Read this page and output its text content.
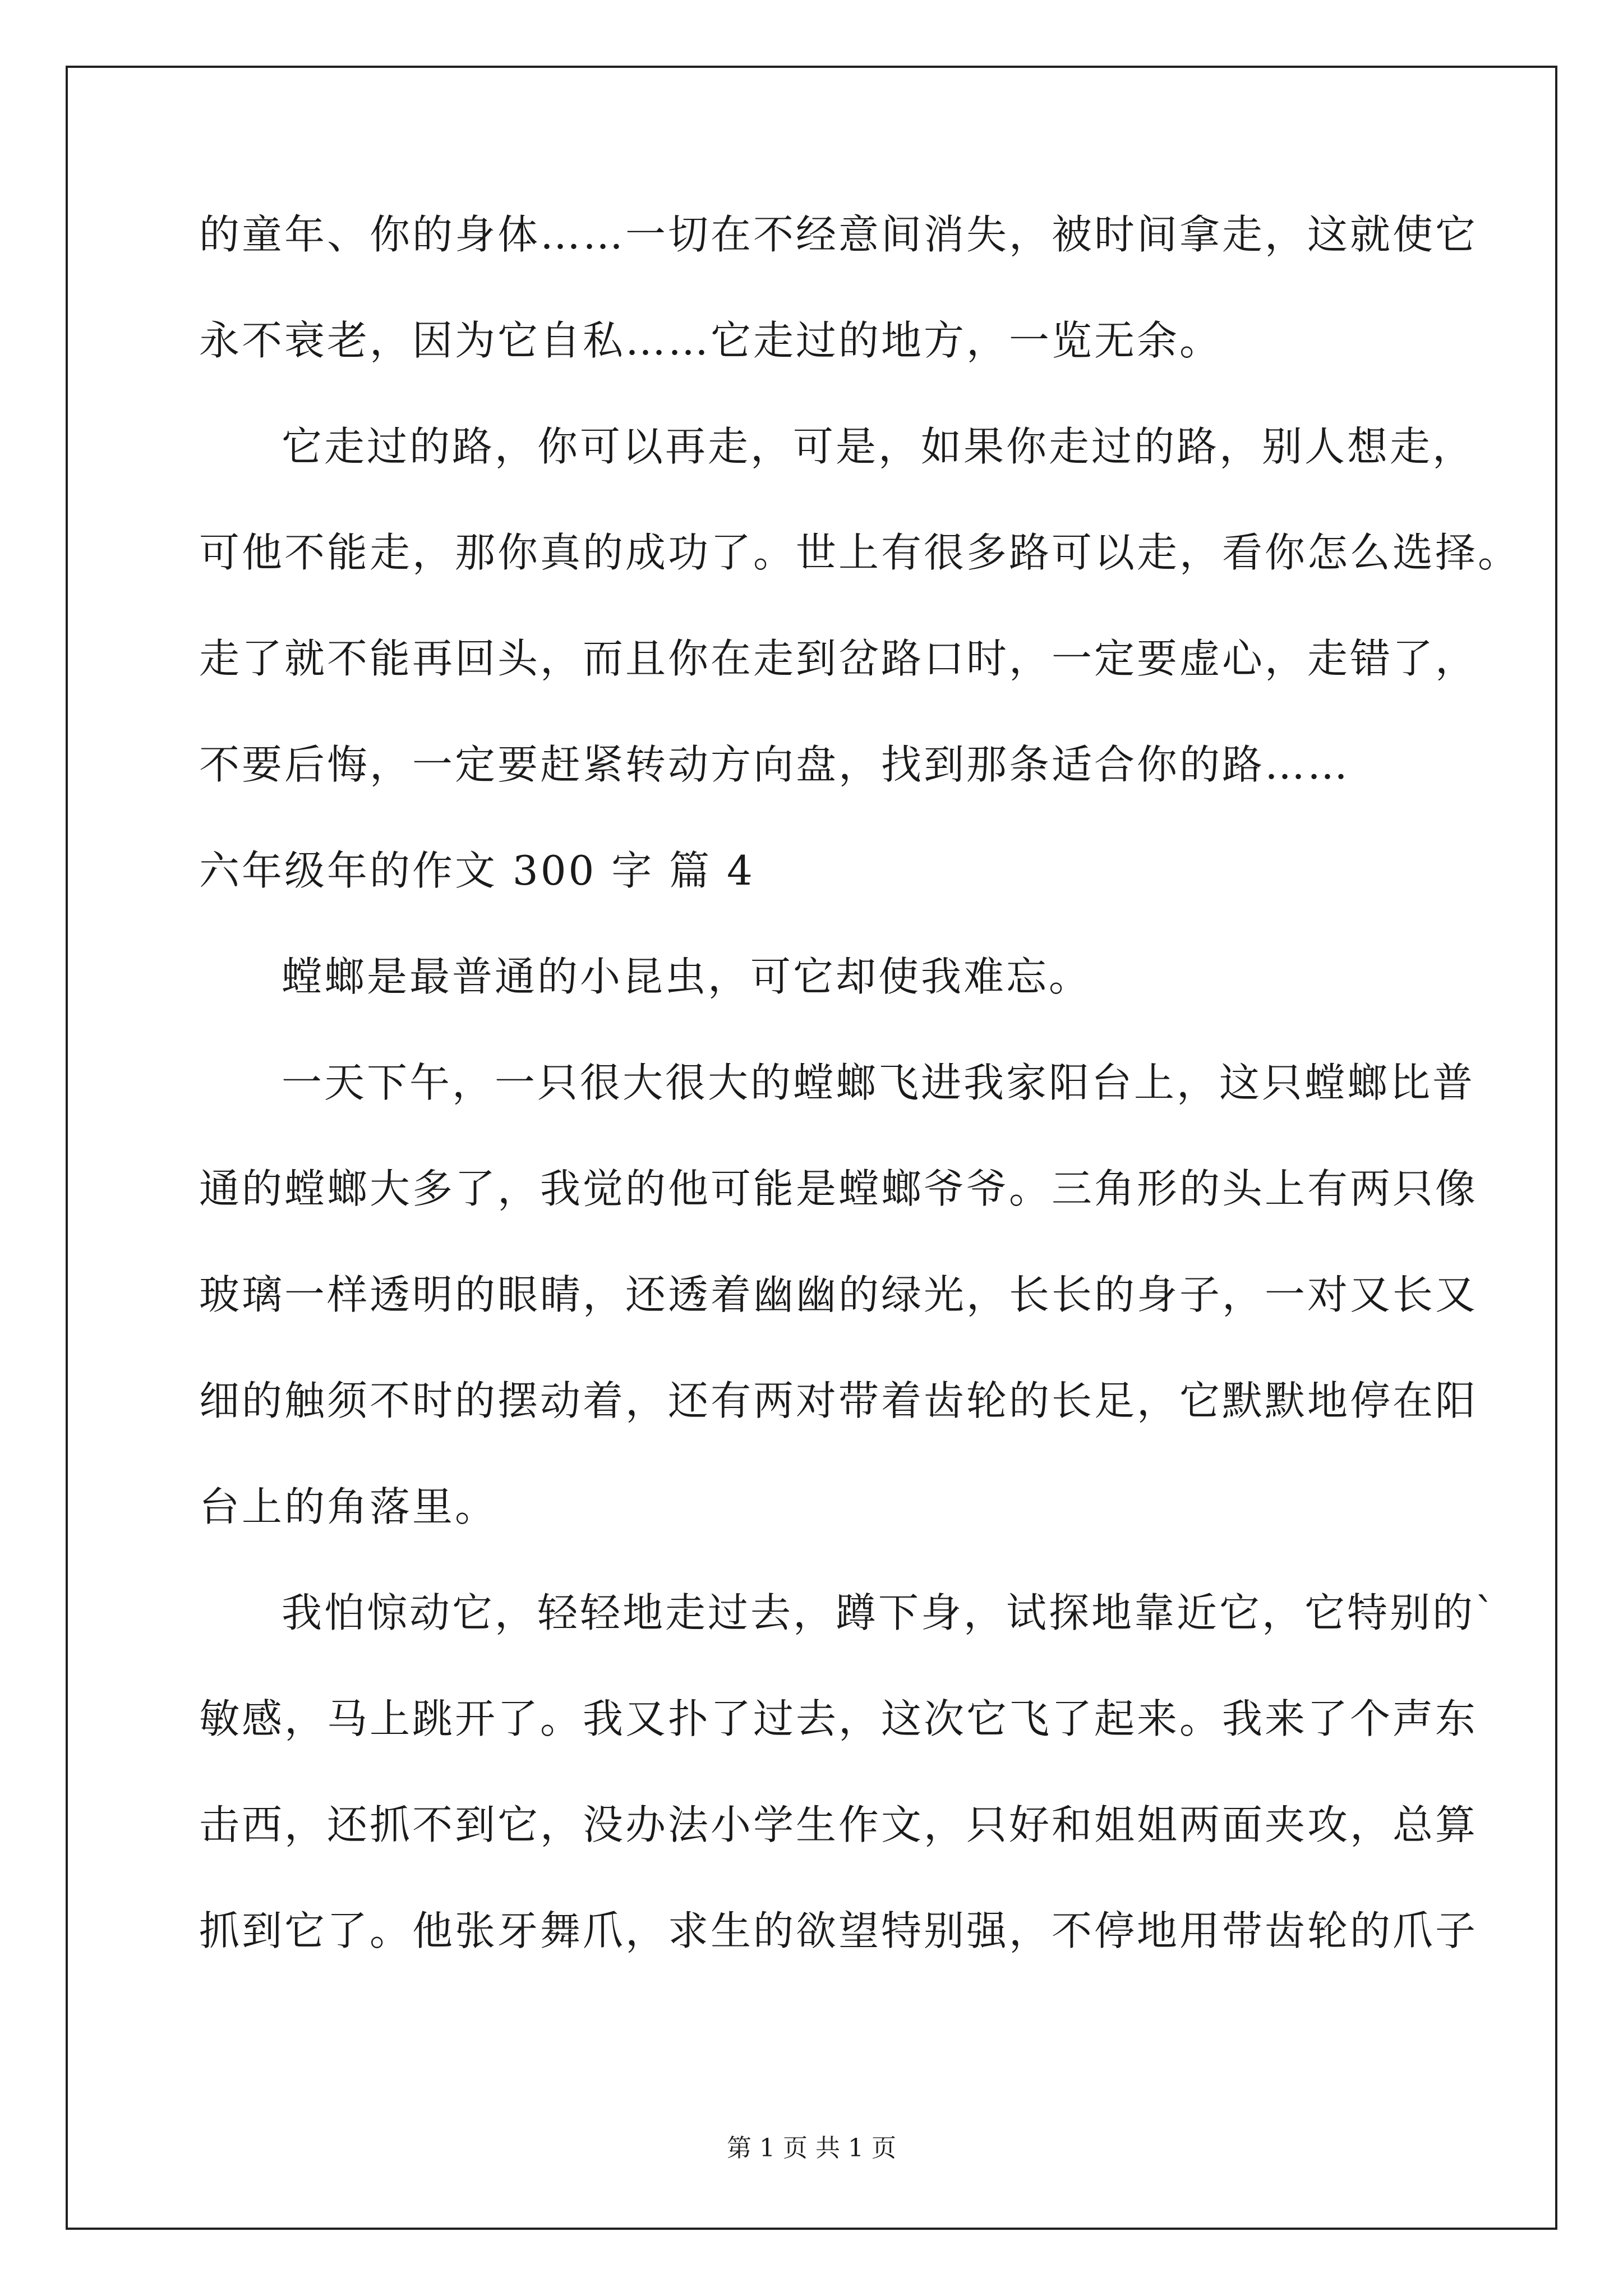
的童年、你的身体……一切在不经意间消失，被时间拿走，这就使它
永不衰老，因为它自私……它走过的地方，一览无余。
它走过的路，你可以再走，可是，如果你走过的路，别人想走，
可他不能走，那你真的成功了。世上有很多路可以走，看你怎么选择。
走了就不能再回头，而且你在走到岔路口时，一定要虚心，走错了，
不要后悔，一定要赶紧转动方向盘，找到那条适合你的路……
六年级年的作文 300 字 篇 4
螳螂是最普通的小昆虫，可它却使我难忘。
一天下午，一只很大很大的螳螂飞进我家阳台上，这只螳螂比普
通的螳螂大多了，我觉的他可能是螳螂爷爷。三角形的头上有两只像
玻璃一样透明的眼睛，还透着幽幽的绿光，长长的身子，一对又长又
细的触须不时的摆动着，还有两对带着齿轮的长足，它默默地停在阳
台上的角落里。
我怕惊动它，轻轻地走过去，蹲下身，试探地靠近它，它特别的`
敏感，马上跳开了。我又扑了过去，这次它飞了起来。我来了个声东
击西，还抓不到它，没办法小学生作文，只好和姐姐两面夹攻，总算
抓到它了。他张牙舞爪，求生的欲望特别强，不停地用带齿轮的爪子
第 1 页 共 1 页
